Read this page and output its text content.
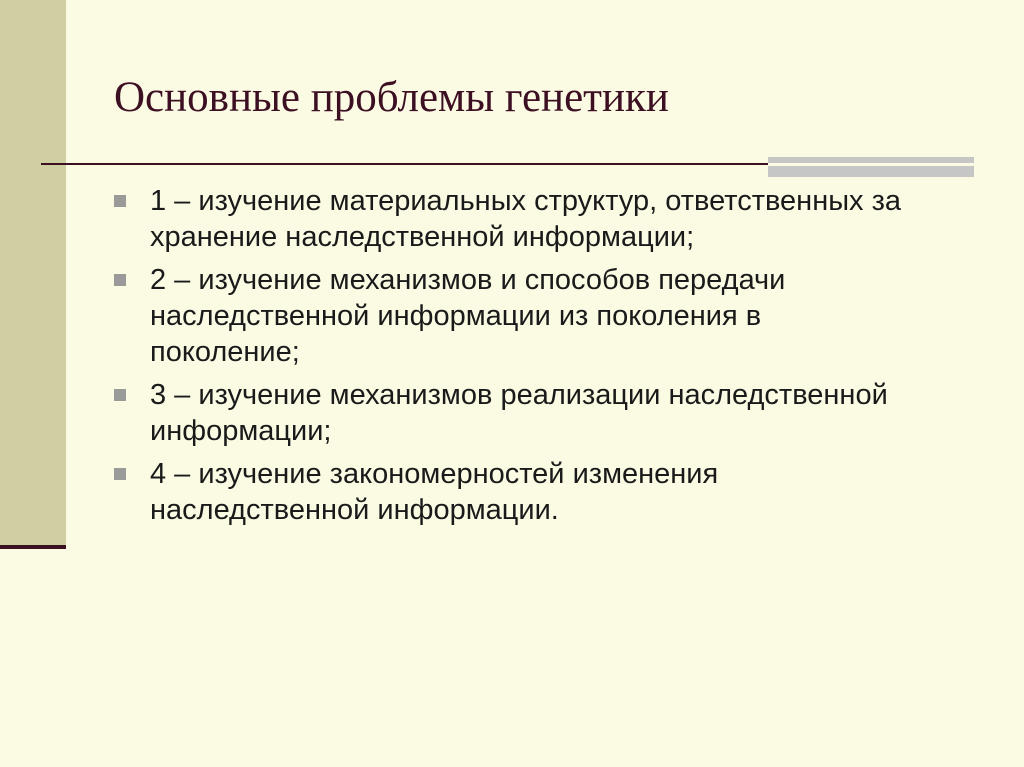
Основные проблемы генетики
1 – изучение материальных структур, ответственных за хранение наследственной информации;
2 – изучение механизмов и способов передачи наследственной информации из поколения в поколение;
3 – изучение механизмов реализации наследственной информации;
4 – изучение закономерностей изменения наследственной информации.
